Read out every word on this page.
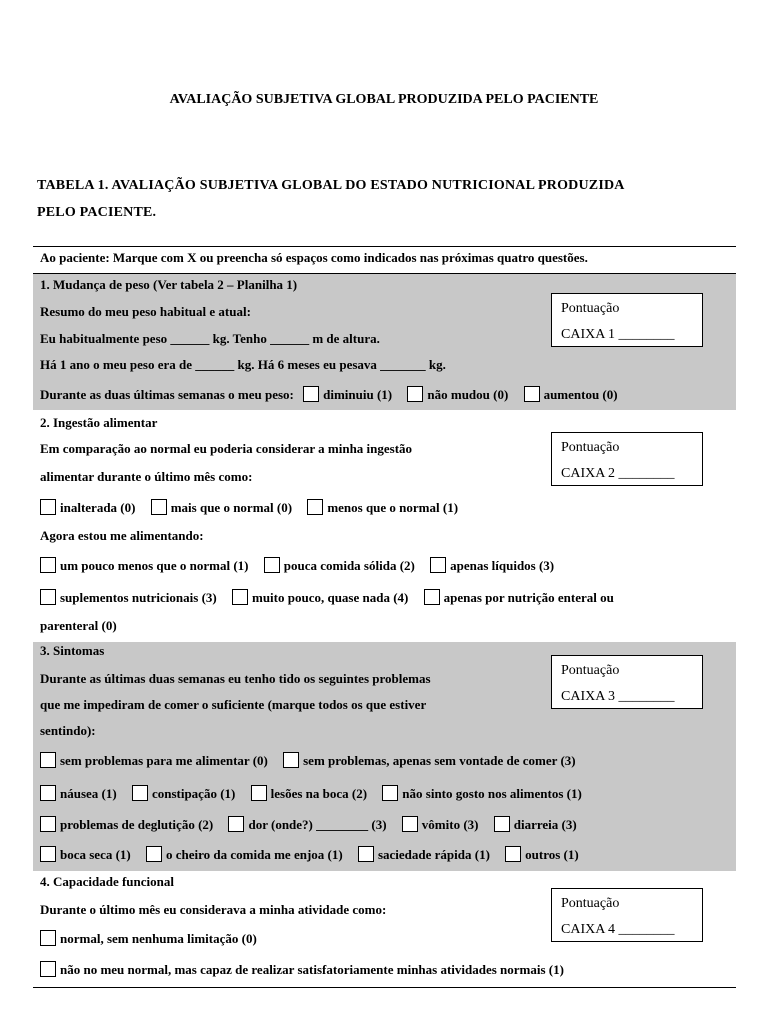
AVALIAÇÃO SUBJETIVA GLOBAL PRODUZIDA PELO PACIENTE
TABELA 1. AVALIAÇÃO SUBJETIVA GLOBAL DO ESTADO NUTRICIONAL PRODUZIDA
PELO PACIENTE.
Ao paciente: Marque com X ou preencha só espaços como indicados nas próximas quatro questões.
1. Mudança de peso (Ver tabela 2 – Planilha 1)
Resumo do meu peso habitual e atual:
Eu habitualmente peso ______ kg. Tenho ______ m de altura.
Há 1 ano o meu peso era de ______ kg. Há 6 meses eu pesava _______ kg.
Durante as duas últimas semanas o meu peso: diminuiu (1)	não mudou (0)	aumentou (0)
Pontuação
CAIXA 1 ________
2. Ingestão alimentar
Em comparação ao normal eu poderia considerar a minha ingestão
alimentar durante o último mês como:
inalterada (0)	mais que o normal (0)	menos que o normal (1)
Agora estou me alimentando:
um pouco menos que o normal (1)	pouca comida sólida (2)	apenas líquidos (3)
suplementos nutricionais (3)	muito pouco, quase nada (4)	apenas por nutrição enteral ou
parenteral (0)
Pontuação
CAIXA 2 ________
3. Sintomas
Durante as últimas duas semanas eu tenho tido os seguintes problemas
que me impediram de comer o suficiente (marque todos os que estiver
sentindo):
sem problemas para me alimentar (0)	sem problemas, apenas sem vontade de comer (3)
náusea (1)	constipação (1)	lesões na boca (2)	não sinto gosto nos alimentos (1)
problemas de deglutição (2)	dor (onde?) ________ (3)	vômito (3)	diarreia (3)
boca seca (1)	o cheiro da comida me enjoa (1)	saciedade rápida (1)	outros (1)
Pontuação
CAIXA 3 ________
4. Capacidade funcional
Durante o último mês eu considerava a minha atividade como:
normal, sem nenhuma limitação (0)
não no meu normal, mas capaz de realizar satisfatoriamente minhas atividades normais (1)
Pontuação
CAIXA 4 ________
